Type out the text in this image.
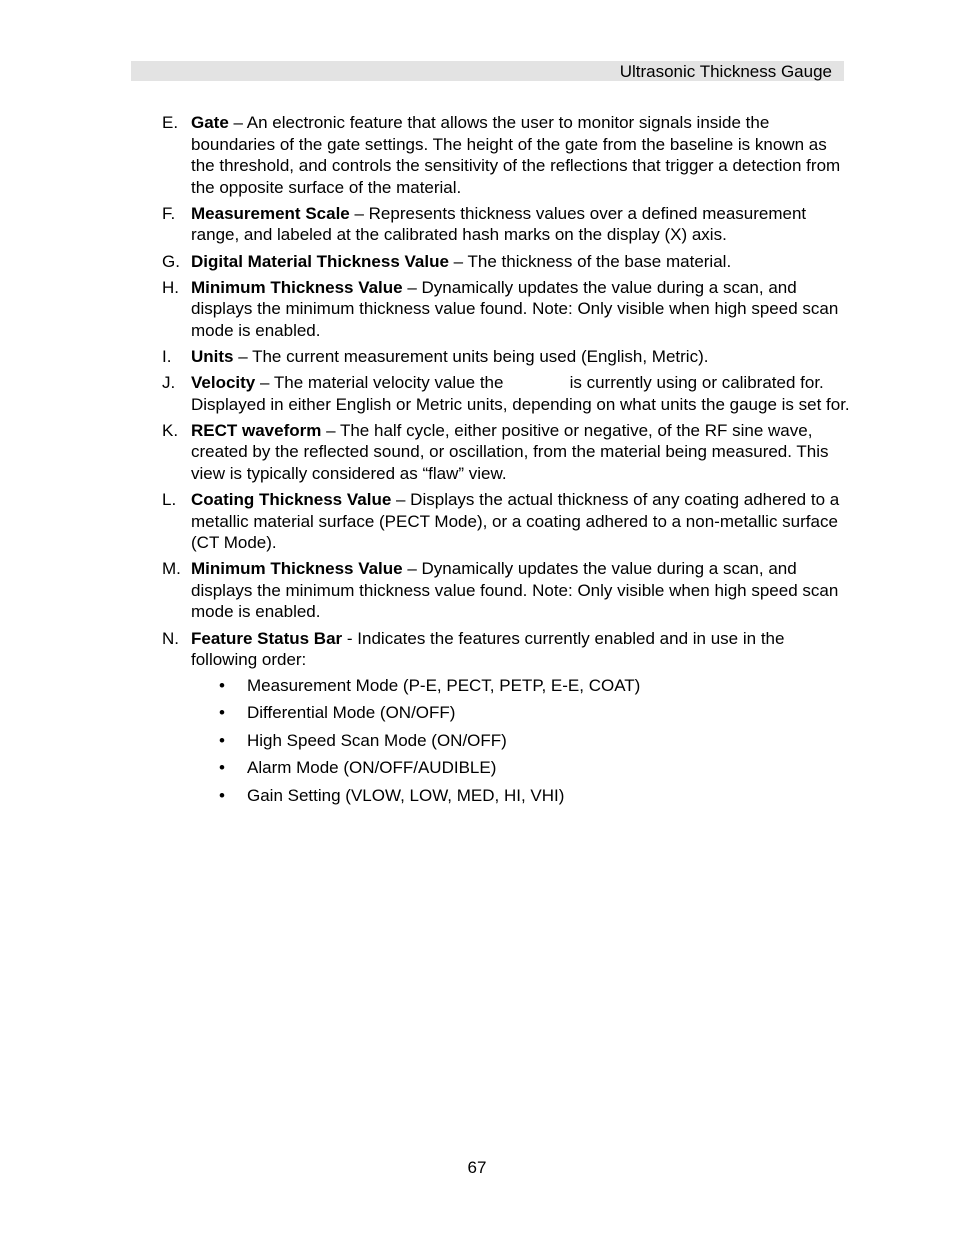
Ultrasonic Thickness Gauge
E. Gate – An electronic feature that allows the user to monitor signals inside the boundaries of the gate settings. The height of the gate from the baseline is known as the threshold, and controls the sensitivity of the reflections that trigger a detection from the opposite surface of the material.
F. Measurement Scale – Represents thickness values over a defined measurement range, and labeled at the calibrated hash marks on the display (X) axis.
G. Digital Material Thickness Value – The thickness of the base material.
H. Minimum Thickness Value – Dynamically updates the value during a scan, and displays the minimum thickness value found. Note: Only visible when high speed scan mode is enabled.
I. Units – The current measurement units being used (English, Metric).
J. Velocity – The material velocity value the              is currently using or calibrated for.  Displayed in either English or Metric units, depending on what units the gauge is set for.
K. RECT waveform – The half cycle, either positive or negative, of the RF sine wave, created by the reflected sound, or oscillation, from the material being measured. This view is typically considered as “flaw” view.
L. Coating Thickness Value – Displays the actual thickness of any coating adhered to a metallic material surface (PECT Mode), or a coating adhered to a non-metallic surface (CT Mode).
M. Minimum Thickness Value – Dynamically updates the value during a scan, and displays the minimum thickness value found. Note: Only visible when high speed scan mode is enabled.
N. Feature Status Bar - Indicates the features currently enabled and in use in the following order:
• Measurement Mode (P-E, PECT, PETP, E-E, COAT)
• Differential Mode (ON/OFF)
• High Speed Scan Mode (ON/OFF)
• Alarm Mode (ON/OFF/AUDIBLE)
• Gain Setting (VLOW, LOW, MED, HI, VHI)
67
